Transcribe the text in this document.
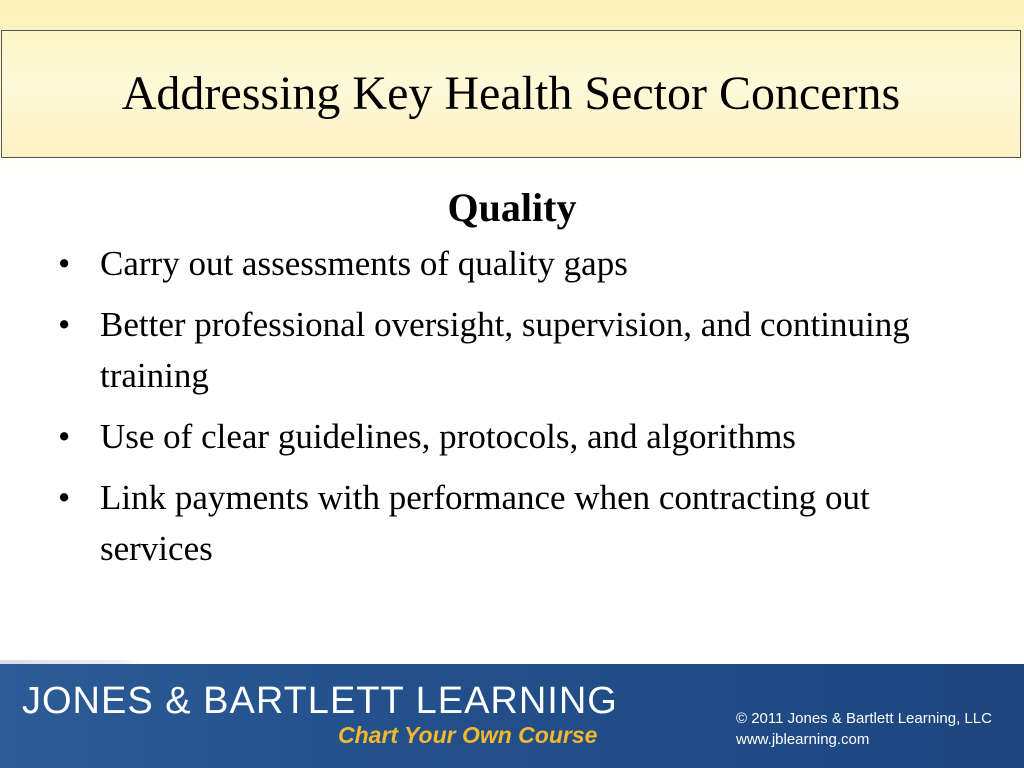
Addressing Key Health Sector Concerns
Quality
• Carry out assessments of quality gaps
• Better professional oversight, supervision, and continuing training
• Use of clear guidelines, protocols, and algorithms
• Link payments with performance when contracting out services
JONES & BARTLETT LEARNING
Chart Your Own Course
© 2011 Jones & Bartlett Learning, LLC
www.jblearning.com
